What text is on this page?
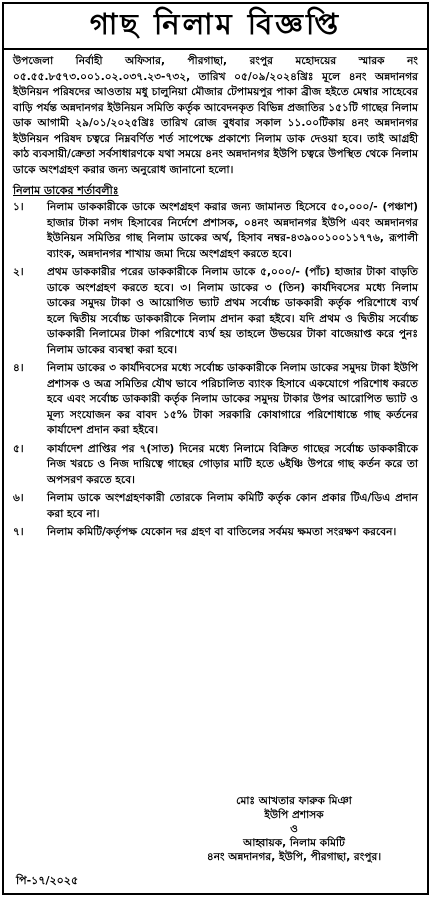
গাছ নিলাম বিজ্ঞপ্তি
উপজেলা নির্বাহী অফিসার, পীরগাছা, রংপুর মহোদয়ের স্মারক নং ০৫.৫৫.৮৫৭৩.০০১.০২.০৩৭.২৩-৭৩২, তারিখ ০৫/০৯/২০২৪খ্রিঃ মূলে ৪নং অন্নদানগর ইউনিয়ন পরিষদের আওতায় মধু চালুনিয়া মৌজার টেপাময়পুর পাকা ব্রীজ হইতে মেম্বার সাহেবের বাড়ি পর্যন্ত অন্নদানগর ইউনিয়ন সমিতি কর্তৃক আবেদনকৃত বিভিন্ন প্রজাতির ১৫১টি গাছের নিলাম ডাক আগামী ২৯/০১/২০২৫খ্রিঃ তারিখ রোজ বুধবার সকাল ১১.০০টিকায় ৪নং অন্নদানগর ইউনিয়ন পরিষদ চত্বরে নিম্নবর্ণিত শর্ত সাপেক্ষে প্রকাশ্যে নিলাম ডাক দেওয়া হবে। তাই আগ্রহী কাঠ ব্যবসায়ী/ক্রেতা সর্বসাধারণকে যথা সময়ে ৪নং অন্নদানগর ইউপি চত্বরে উপস্থিত থেকে নিলাম ডাকে অংশগ্রহণ করার জন্য অনুরোধ জানানো হলো।
নিলাম ডাকের শর্তাবলীঃ
১।	নিলাম ডাককারীকে ডাকে অংশগ্রহণ করার জন্য জামানত হিসেবে ৫০,০০০/- (পঞ্চাশ) হাজার টাকা নগদ হিসাবের নির্দেশে প্রশাসক, ০৪নং অন্নদানগর ইউপি এবং অন্নদানগর ইউনিয়ন সমিতির গাছ নিলাম ডাকের অর্থ, হিসাব নম্বর-৪৩৯০০১০০১১৭৭৬, রূপালী ব্যাংক, অন্নদানগর শাখায় জমা দিয়ে অংশগ্রহণ করতে হবে।
২।	প্রথম ডাককারীর পরের ডাককারীকে নিলাম ডাকে ৫,০০০/- (পাঁচ) হাজার টাকা বাড়তি ডাকে অংশগ্রহণ করতে হবে। ৩। নিলাম ডাকের ৩ (তিন) কার্যদিবসের মধ্যে নিলাম ডাকের সমুদয় টাকা ও আয়োগিত ভ্যাট প্রথম সর্বোচ্চ ডাককারী কর্তৃক পরিশোধে ব্যর্থ হলে দ্বিতীয় সর্বোচ্চ ডাককারীকে নিলাম প্রদান করা হইবে। যদি প্রথম ও দ্বিতীয় সর্বোচ্চ ডাককারী নিলামের টাকা পরিশোধে ব্যর্থ হয় তাহলে উভয়ের টাকা বাজেয়াপ্ত করে পুনঃ নিলাম ডাকের ব্যবস্থা করা হবে।
৪।	নিলাম ডাকের ৩ কার্যদিবসের মধ্যে সর্বোচ্চ ডাককারীকে নিলাম ডাকের সমুদয় টাকা ইউপি প্রশাসক ও অত্র সমিতির যৌথ ভাবে পরিচালিত ব্যাংক হিসাবে একযোগে পরিশোধ করতে হবে এবং সর্বোচ্চ ডাককারী কর্তৃক নিলাম ডাকের সমুদয় টাকার উপর আরোপিত ভ্যাট ও মূল্য সংযোজন কর বাবদ ১৫% টাকা সরকারি কোষাগারে পরিশোধান্তে গাছ কর্তনের কার্যাদেশ প্রদান করা হইবে।
৫।	কার্যাদেশ প্রাপ্তির পর ৭(সাত) দিনের মধ্যে নিলামে বিক্রিত গাছের সর্বোচ্চ ডাককারীকে নিজ খরচে ও নিজ দায়িত্বে গাছের গোড়ার মাটি হতে ৬ইঞ্চি উপরে গাছ কর্তন করে তা অপসরণ করতে হবে।
৬।	নিলাম ডাকে অংশগ্রহণকারী তোরকে নিলাম কমিটি কর্তৃক কোন প্রকার টিএ/ডিএ প্রদান করা হবে না।
৭।	নিলাম কমিটি/কর্তৃপক্ষ যেকোন দর গ্রহণ বা বাতিলের সর্বময় ক্ষমতা সংরক্ষণ করবেন।
মোঃ আখতার ফারুক মিঞা
ইউপি প্রশাসক
ও
আহ্বায়ক, নিলাম কমিটি
৪নং অন্নদানগর, ইউপি, পীরগাছা, রংপুর।
পি-১৭/২০২৫
